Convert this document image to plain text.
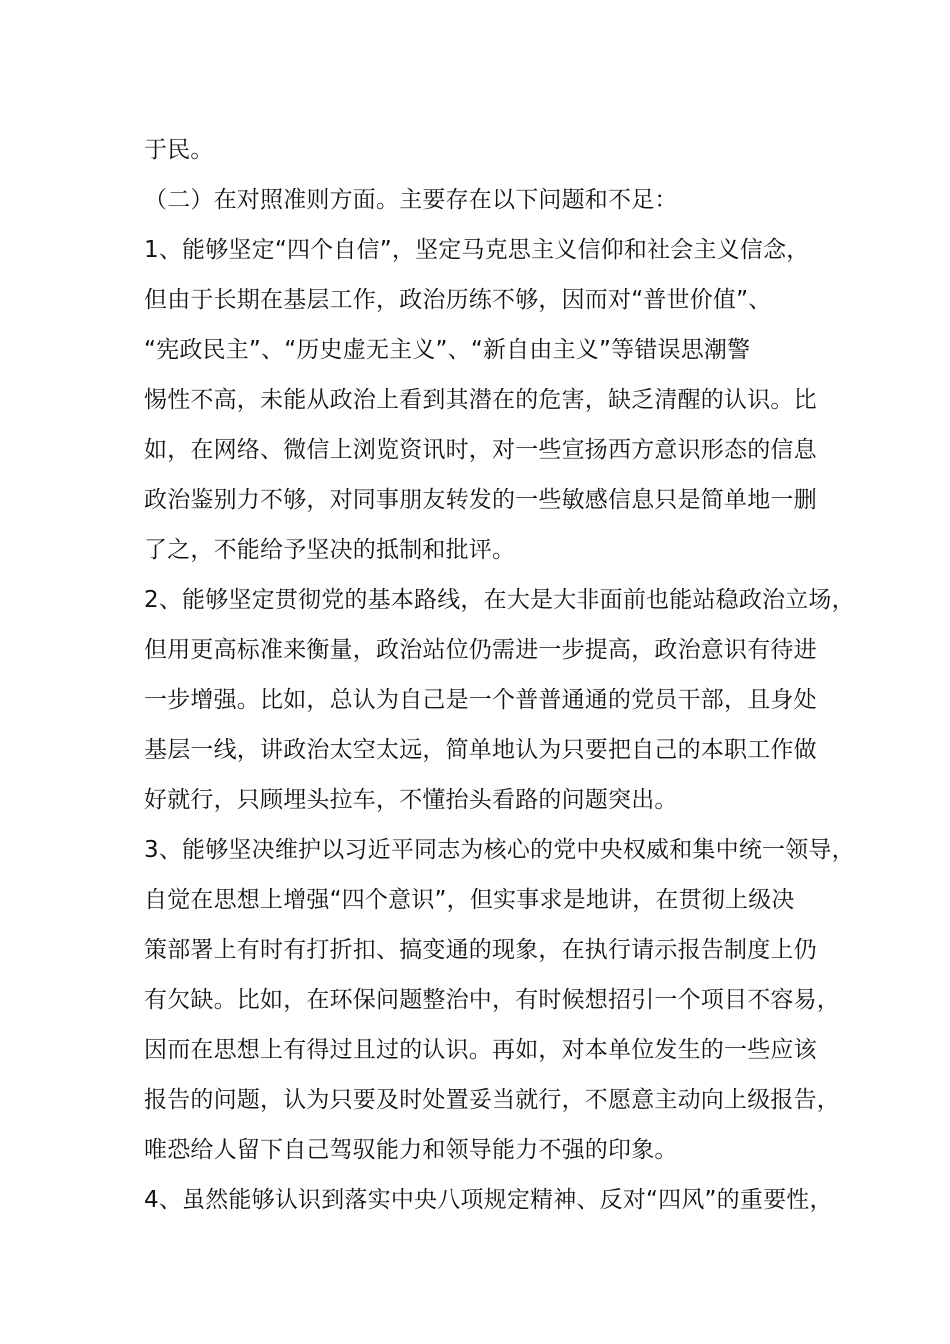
于民。
（二）在对照准则方面。主要存在以下问题和不足：
1、能够坚定“四个自信”，坚定马克思主义信仰和社会主义信念，
但由于长期在基层工作，政治历练不够，因而对“普世价值”、
“宪政民主”、“历史虚无主义”、“新自由主义”等错误思潮警
惕性不高，未能从政治上看到其潜在的危害，缺乏清醒的认识。比
如，在网络、微信上浏览资讯时，对一些宣扬西方意识形态的信息
政治鉴别力不够，对同事朋友转发的一些敏感信息只是简单地一删
了之，不能给予坚决的抵制和批评。
2、能够坚定贯彻党的基本路线，在大是大非面前也能站稳政治立场，
但用更高标准来衡量，政治站位仍需进一步提高，政治意识有待进
一步增强。比如，总认为自己是一个普普通通的党员干部，且身处
基层一线，讲政治太空太远，简单地认为只要把自己的本职工作做
好就行，只顾埋头拉车，不懂抬头看路的问题突出。
3、能够坚决维护以习近平同志为核心的党中央权威和集中统一领导，
自觉在思想上增强“四个意识”，但实事求是地讲，在贯彻上级决
策部署上有时有打折扣、搞变通的现象，在执行请示报告制度上仍
有欠缺。比如，在环保问题整治中，有时候想招引一个项目不容易，
因而在思想上有得过且过的认识。再如，对本单位发生的一些应该
报告的问题，认为只要及时处置妥当就行，不愿意主动向上级报告，
唯恐给人留下自己驾驭能力和领导能力不强的印象。
4、虽然能够认识到落实中央八项规定精神、反对“四风”的重要性，
